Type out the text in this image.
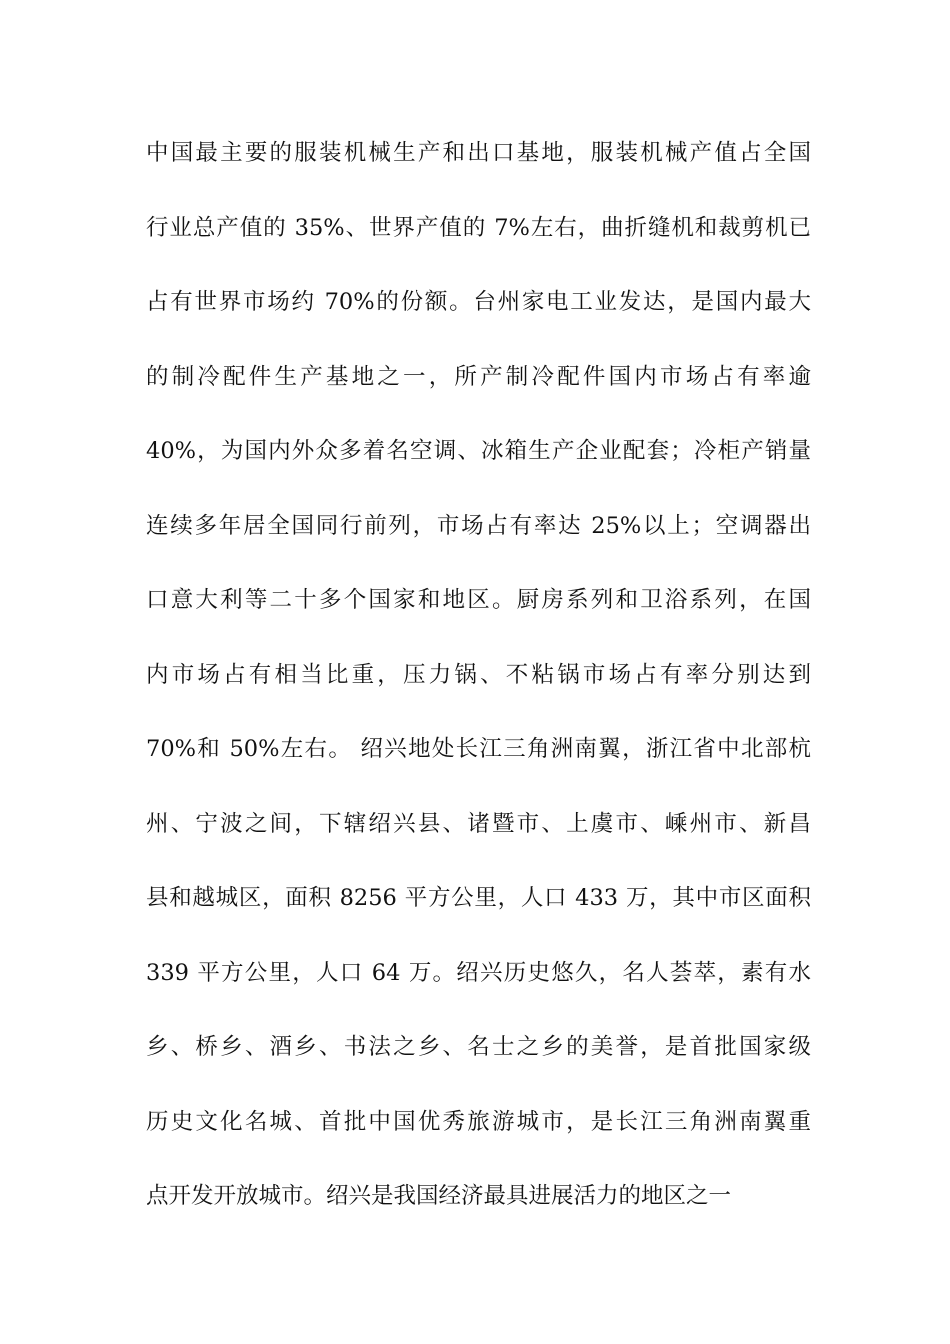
中国最主要的服装机械生产和出口基地，服装机械产值占全国
行业总产值的 35%、世界产值的 7%左右，曲折缝机和裁剪机已
占有世界市场约 70%的份额。台州家电工业发达，是国内最大
的制冷配件生产基地之一，所产制冷配件国内市场占有率逾
40%，为国内外众多着名空调、冰箱生产企业配套；冷柜产销量
连续多年居全国同行前列，市场占有率达 25%以上；空调器出
口意大利等二十多个国家和地区。厨房系列和卫浴系列，在国
内市场占有相当比重，压力锅、不粘锅市场占有率分别达到
70%和 50%左右。 绍兴地处长江三角洲南翼，浙江省中北部杭
州、宁波之间，下辖绍兴县、诸暨市、上虞市、嵊州市、新昌
县和越城区，面积 8256 平方公里，人口 433 万，其中市区面积
339 平方公里，人口 64 万。绍兴历史悠久，名人荟萃，素有水
乡、桥乡、酒乡、书法之乡、名士之乡的美誉，是首批国家级
历史文化名城、首批中国优秀旅游城市，是长江三角洲南翼重
点开发开放城市。绍兴是我国经济最具进展活力的地区之一
